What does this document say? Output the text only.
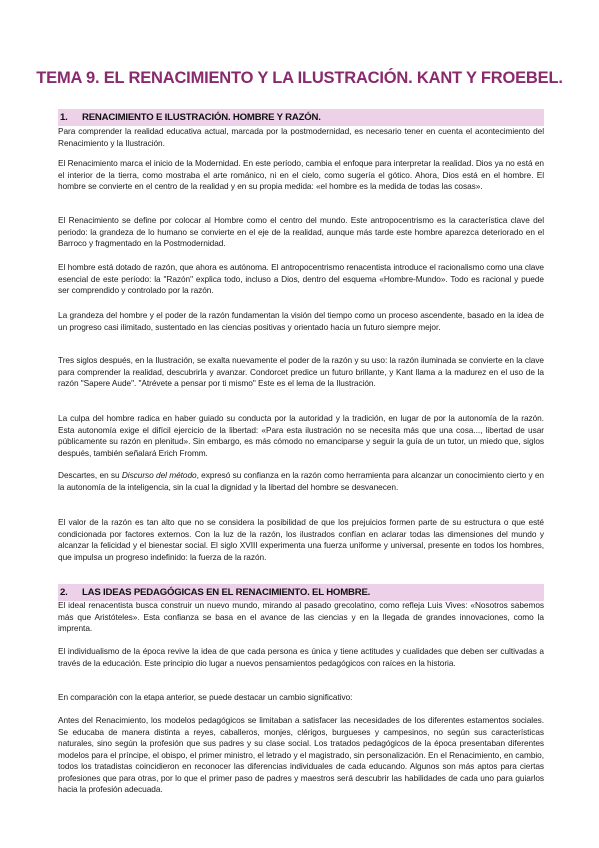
TEMA 9. EL RENACIMIENTO Y LA ILUSTRACIÓN. KANT Y FROEBEL.
1. RENACIMIENTO E ILUSTRACIÓN. HOMBRE Y RAZÓN.
Para comprender la realidad educativa actual, marcada por la postmodernidad, es necesario tener en cuenta el acontecimiento del Renacimiento y la Ilustración.
El Renacimiento marca el inicio de la Modernidad. En este período, cambia el enfoque para interpretar la realidad. Dios ya no está en el interior de la tierra, como mostraba el arte románico, ni en el cielo, como sugería el gótico. Ahora, Dios está en el hombre. El hombre se convierte en el centro de la realidad y en su propia medida: «el hombre es la medida de todas las cosas».
El Renacimiento se define por colocar al Hombre como el centro del mundo. Este antropocentrismo es la característica clave del periodo: la grandeza de lo humano se convierte en el eje de la realidad, aunque más tarde este hombre aparezca deteriorado en el Barroco y fragmentado en la Postmodernidad.
El hombre está dotado de razón, que ahora es autónoma. El antropocentrismo renacentista introduce el racionalismo como una clave esencial de este período: la "Razón" explica todo, incluso a Dios, dentro del esquema «Hombre-Mundo». Todo es racional y puede ser comprendido y controlado por la razón.
La grandeza del hombre y el poder de la razón fundamentan la visión del tiempo como un proceso ascendente, basado en la idea de un progreso casi ilimitado, sustentado en las ciencias positivas y orientado hacia un futuro siempre mejor.
Tres siglos después, en la Ilustración, se exalta nuevamente el poder de la razón y su uso: la razón iluminada se convierte en la clave para comprender la realidad, descubrirla y avanzar. Condorcet predice un futuro brillante, y Kant llama a la madurez en el uso de la razón "Sapere Aude". "Atrévete a pensar por ti mismo" Este es el lema de la Ilustración.
La culpa del hombre radica en haber guiado su conducta por la autoridad y la tradición, en lugar de por la autonomía de la razón. Esta autonomía exige el difícil ejercicio de la libertad: «Para esta ilustración no se necesita más que una cosa..., libertad de usar públicamente su razón en plenitud». Sin embargo, es más cómodo no emanciparse y seguir la guía de un tutor, un miedo que, siglos después, también señalará Erich Fromm.
Descartes, en su Discurso del método, expresó su confianza en la razón como herramienta para alcanzar un conocimiento cierto y en la autonomía de la inteligencia, sin la cual la dignidad y la libertad del hombre se desvanecen.
El valor de la razón es tan alto que no se considera la posibilidad de que los prejuicios formen parte de su estructura o que esté condicionada por factores externos. Con la luz de la razón, los ilustrados confían en aclarar todas las dimensiones del mundo y alcanzar la felicidad y el bienestar social. El siglo XVIII experimenta una fuerza uniforme y universal, presente en todos los hombres, que impulsa un progreso indefinido: la fuerza de la razón.
2. LAS IDEAS PEDAGÓGICAS EN EL RENACIMIENTO. EL HOMBRE.
El ideal renacentista busca construir un nuevo mundo, mirando al pasado grecolatino, como refleja Luis Vives: «Nosotros sabemos más que Aristóteles». Esta confianza se basa en el avance de las ciencias y en la llegada de grandes innovaciones, como la imprenta.
El individualismo de la época revive la idea de que cada persona es única y tiene actitudes y cualidades que deben ser cultivadas a través de la educación. Este principio dio lugar a nuevos pensamientos pedagógicos con raíces en la historia.
En comparación con la etapa anterior, se puede destacar un cambio significativo:
Antes del Renacimiento, los modelos pedagógicos se limitaban a satisfacer las necesidades de los diferentes estamentos sociales. Se educaba de manera distinta a reyes, caballeros, monjes, clérigos, burgueses y campesinos, no según sus características naturales, sino según la profesión que sus padres y su clase social. Los tratados pedagógicos de la época presentaban diferentes modelos para el príncipe, el obispo, el primer ministro, el letrado y el magistrado, sin personalización. En el Renacimiento, en cambio, todos los tratadistas coincidieron en reconocer las diferencias individuales de cada educando. Algunos son más aptos para ciertas profesiones que para otras, por lo que el primer paso de padres y maestros será descubrir las habilidades de cada uno para guiarlos hacia la profesión adecuada.
